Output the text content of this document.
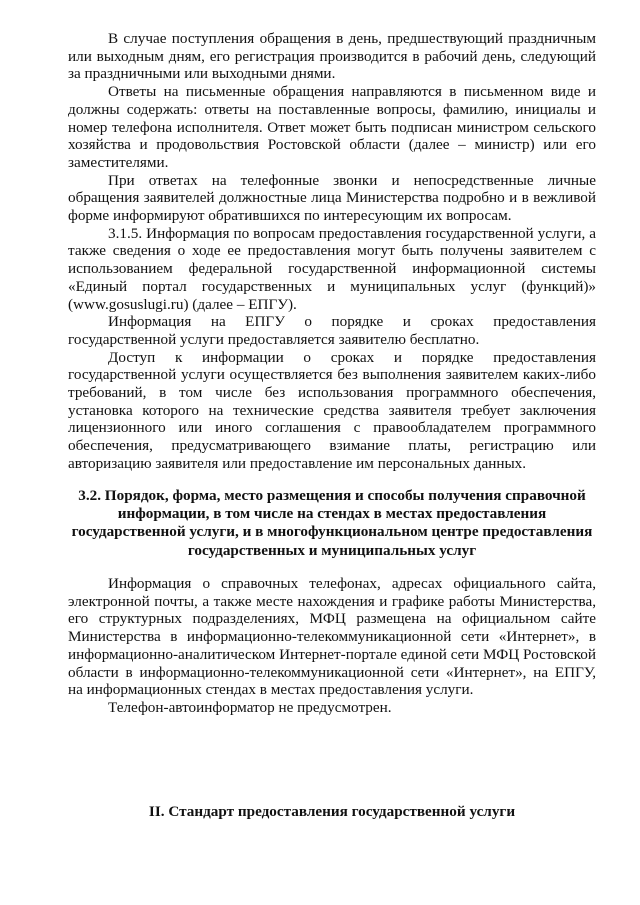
В случае поступления обращения в день, предшествующий праздничным или выходным дням, его регистрация производится в рабочий день, следующий за праздничными или выходными днями.

Ответы на письменные обращения направляются в письменном виде и должны содержать: ответы на поставленные вопросы, фамилию, инициалы и номер телефона исполнителя. Ответ может быть подписан министром сельского хозяйства и продовольствия Ростовской области (далее – министр) или его заместителями.

При ответах на телефонные звонки и непосредственные личные обращения заявителей должностные лица Министерства подробно и в вежливой форме информируют обратившихся по интересующим их вопросам.

3.1.5. Информация по вопросам предоставления государственной услуги, а также сведения о ходе ее предоставления могут быть получены заявителем с использованием федеральной государственной информационной системы «Единый портал государственных и муниципальных услуг (функций)» (www.gosuslugi.ru) (далее – ЕПГУ).

Информация на ЕПГУ о порядке и сроках предоставления государственной услуги предоставляется заявителю бесплатно.

Доступ к информации о сроках и порядке предоставления государственной услуги осуществляется без выполнения заявителем каких-либо требований, в том числе без использования программного обеспечения, установка которого на технические средства заявителя требует заключения лицензионного или иного соглашения с правообладателем программного обеспечения, предусматривающего взимание платы, регистрацию или авторизацию заявителя или предоставление им персональных данных.

3.2. Порядок, форма, место размещения и способы получения справочной информации, в том числе на стендах в местах предоставления государственной услуги, и в многофункциональном центре предоставления государственных и муниципальных услуг

Информация о справочных телефонах, адресах официального сайта, электронной почты, а также месте нахождения и графике работы Министерства, его структурных подразделениях, МФЦ размещена на официальном сайте Министерства в информационно-телекоммуникационной сети «Интернет», в информационно-аналитическом Интернет-портале единой сети МФЦ Ростовской области в информационно-телекоммуникационной сети «Интернет», на ЕПГУ, на информационных стендах в местах предоставления услуги.

Телефон-автоинформатор не предусмотрен.

II. Стандарт предоставления государственной услуги
